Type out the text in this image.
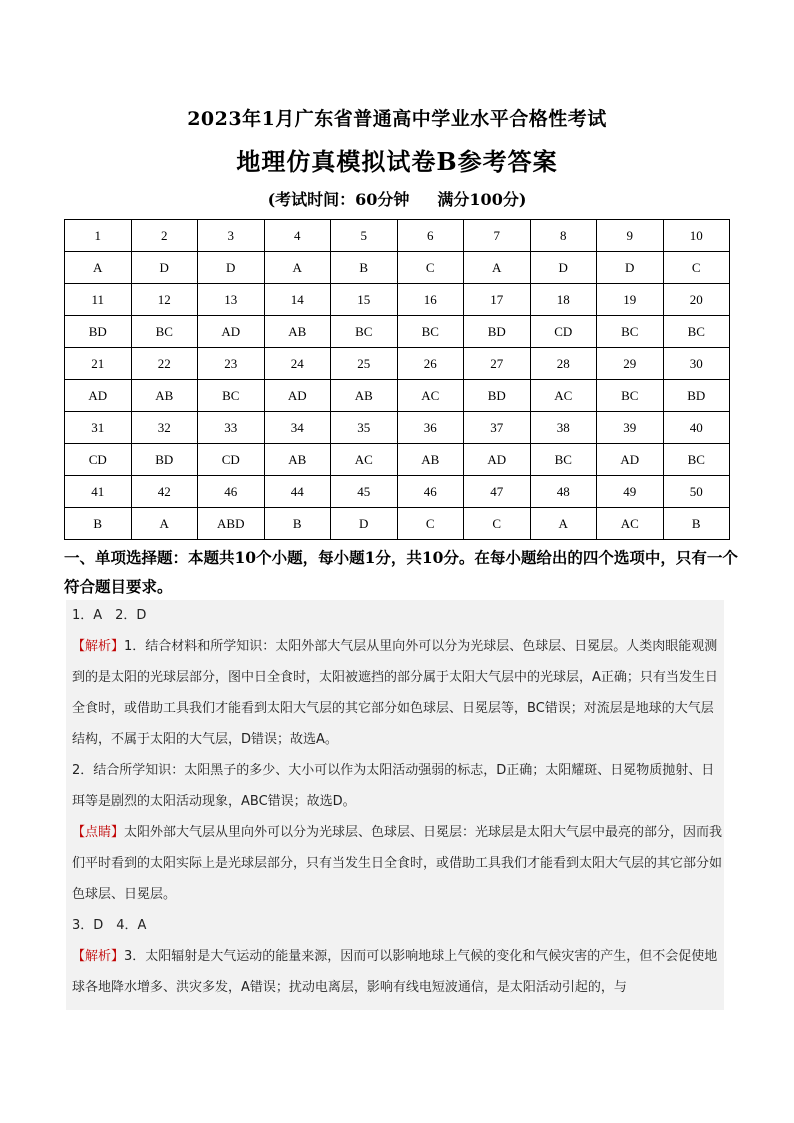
2023年1月广东省普通高中学业水平合格性考试
地理仿真模拟试卷B参考答案
(考试时间：60分钟 满分100分)
1	2	3	4	5	6	7	8	9	10
A	D	D	A	B	C	A	D	D	C
11	12	13	14	15	16	17	18	19	20
BD	BC	AD	AB	BC	BC	BD	CD	BC	BC
21	22	23	24	25	26	27	28	29	30
AD	AB	BC	AD	AB	AC	BD	AC	BC	BD
31	32	33	34	35	36	37	38	39	40
CD	BD	CD	AB	AC	AB	AD	BC	AD	BC
41	42	46	44	45	46	47	48	49	50
B	A	ABD	B	D	C	C	A	AC	B
一、单项选择题：本题共10个小题，每小题1分，共10分。在每小题给出的四个选项中，只有一个符合题目要求。

1．A　2．D

【解析】1．结合材料和所学知识：太阳外部大气层从里向外可以分为光球层、色球层、日冕层。人类肉眼能观测到的是太阳的光球层部分，图中日全食时，太阳被遮挡的部分属于太阳大气层中的光球层，A正确；只有当发生日全食时，或借助工具我们才能看到太阳大气层的其它部分如色球层、日冕层等，BC错误；对流层是地球的大气层结构，不属于太阳的大气层，D错误；故选A。

2．结合所学知识：太阳黑子的多少、大小可以作为太阳活动强弱的标志，D正确；太阳耀斑、日冕物质抛射、日珥等是剧烈的太阳活动现象，ABC错误；故选D。

【点睛】太阳外部大气层从里向外可以分为光球层、色球层、日冕层：光球层是太阳大气层中最亮的部分，因而我们平时看到的太阳实际上是光球层部分，只有当发生日全食时，或借助工具我们才能看到太阳大气层的其它部分如色球层、日冕层。

3．D　4．A

【解析】3．太阳辐射是大气运动的能量来源，因而可以影响地球上气候的变化和气候灾害的产生，但不会促使地球各地降水增多、洪灾多发，A错误；扰动电离层，影响有线电短波通信，是太阳活动引起的，与
